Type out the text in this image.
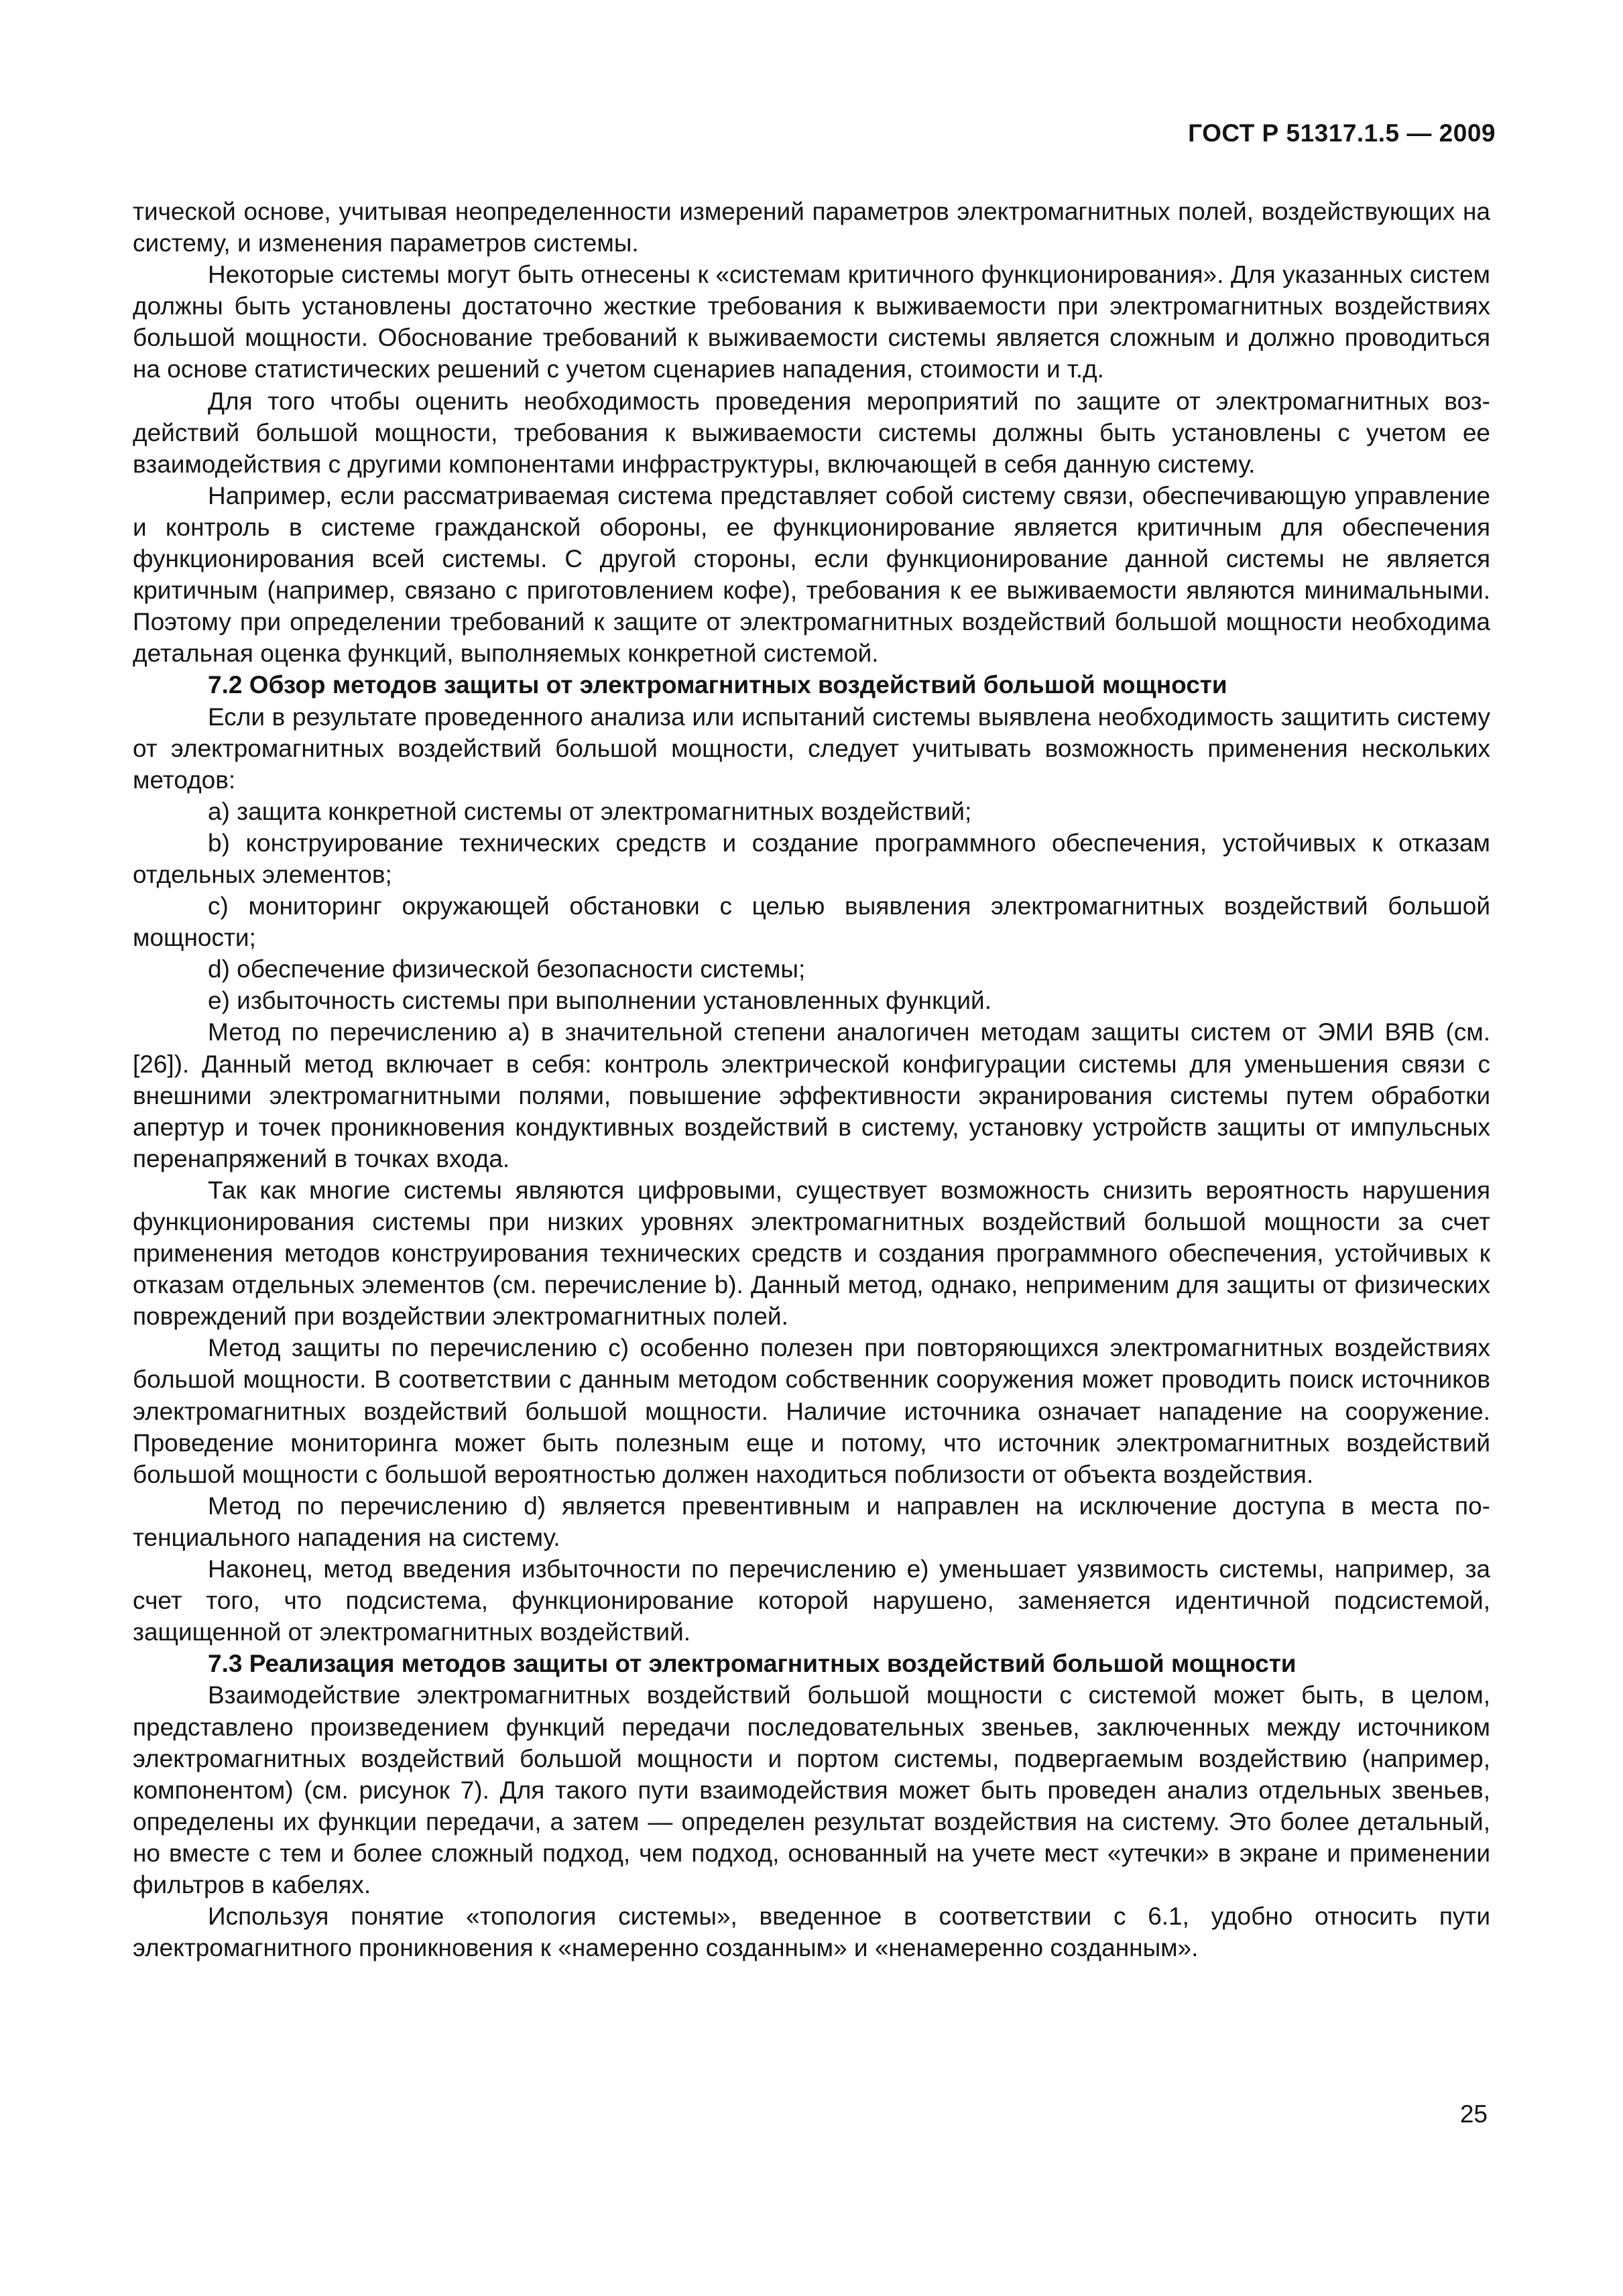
ГОСТ Р 51317.1.5 — 2009

тической основе, учитывая неопределенности измерений параметров электромагнитных полей, воздействующих на систему, и изменения параметров системы.

Некоторые системы могут быть отнесены к «системам критичного функционирования». Для указанных систем должны быть установлены достаточно жесткие требования к выживаемости при электромагнитных воздействиях большой мощности. Обоснование требований к выживаемости системы является сложным и должно проводиться на основе статистических решений с учетом сценариев нападения, стоимости и т.д.

Для того чтобы оценить необходимость проведения мероприятий по защите от электромагнитных воздействий большой мощности, требования к выживаемости системы должны быть установлены с учетом ее взаимодействия с другими компонентами инфраструктуры, включающей в себя данную систему.

Например, если рассматриваемая система представляет собой систему связи, обеспечивающую управление и контроль в системе гражданской обороны, ее функционирование является критичным для обеспечения функционирования всей системы. С другой стороны, если функционирование данной системы не является критичным (например, связано с приготовлением кофе), требования к ее выживаемости являются минимальными. Поэтому при определении требований к защите от электромагнитных воздействий большой мощности необходима детальная оценка функций, выполняемых конкретной системой.

7.2 Обзор методов защиты от электромагнитных воздействий большой мощности

Если в результате проведенного анализа или испытаний системы выявлена необходимость защитить систему от электромагнитных воздействий большой мощности, следует учитывать возможность применения нескольких методов:

a) защита конкретной системы от электромагнитных воздействий;

b) конструирование технических средств и создание программного обеспечения, устойчивых к отказам отдельных элементов;

c) мониторинг окружающей обстановки с целью выявления электромагнитных воздействий большой мощности;

d) обеспечение физической безопасности системы;

e) избыточность системы при выполнении установленных функций.

Метод по перечислению а) в значительной степени аналогичен методам защиты систем от ЭМИ ВЯВ (см. [26]). Данный метод включает в себя: контроль электрической конфигурации системы для уменьшения связи с внешними электромагнитными полями, повышение эффективности экранирования системы путем обработки апертур и точек проникновения кондуктивных воздействий в систему, установку устройств защиты от импульсных перенапряжений в точках входа.

Так как многие системы являются цифровыми, существует возможность снизить вероятность нарушения функционирования системы при низких уровнях электромагнитных воздействий большой мощности за счет применения методов конструирования технических средств и создания программного обеспечения, устойчивых к отказам отдельных элементов (см. перечисление b). Данный метод, однако, неприменим для защиты от физических повреждений при воздействии электромагнитных полей.

Метод защиты по перечислению с) особенно полезен при повторяющихся электромагнитных воздействиях большой мощности. В соответствии с данным методом собственник сооружения может проводить поиск источников электромагнитных воздействий большой мощности. Наличие источника означает нападение на сооружение. Проведение мониторинга может быть полезным еще и потому, что источник электромагнитных воздействий большой мощности с большой вероятностью должен находиться поблизости от объекта воздействия.

Метод по перечислению d) является превентивным и направлен на исключение доступа в места потенциального нападения на систему.

Наконец, метод введения избыточности по перечислению е) уменьшает уязвимость системы, например, за счет того, что подсистема, функционирование которой нарушено, заменяется идентичной подсистемой, защищенной от электромагнитных воздействий.

7.3 Реализация методов защиты от электромагнитных воздействий большой мощности

Взаимодействие электромагнитных воздействий большой мощности с системой может быть, в целом, представлено произведением функций передачи последовательных звеньев, заключенных между источником электромагнитных воздействий большой мощности и портом системы, подвергаемым воздействию (например, компонентом) (см. рисунок 7). Для такого пути взаимодействия может быть проведен анализ отдельных звеньев, определены их функции передачи, а затем — определен результат воздействия на систему. Это более детальный, но вместе с тем и более сложный подход, чем подход, основанный на учете мест «утечки» в экране и применении фильтров в кабелях.

Используя понятие «топология системы», введенное в соответствии с 6.1, удобно относить пути электромагнитного проникновения к «намеренно созданным» и «ненамеренно созданным».

25
